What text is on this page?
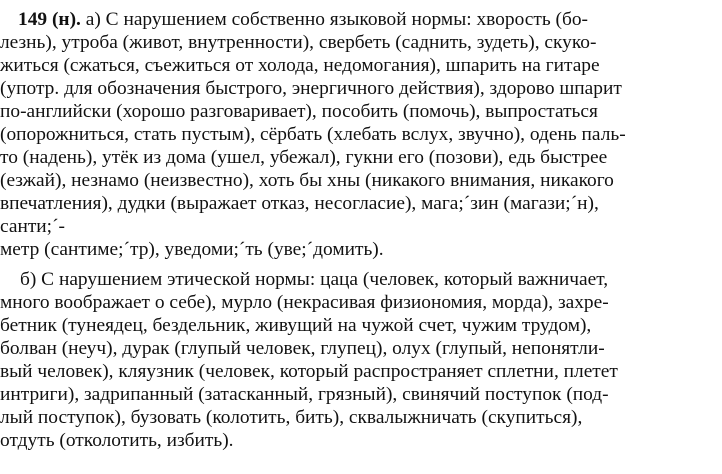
149 (н). а) С нарушением собственно языковой нормы: хворость (бо-
лезнь), утроба (живот, внутренности), свербеть (саднить, зудеть), скуко-
житься (сжаться, съежиться от холода, недомогания), шпарить на гитаре
(употр. для обозначения быстрого, энергичного действия), здорово шпарит
по-английски (хорошо разговаривает), пособить (помочь), выпростаться
(опорожниться, стать пустым), сёрбать (хлебать вслух, звучно), одень паль-
то (надень), утёк из дома (ушел, убежал), гукни его (позови), едь быстрее
(езжай), незнамо (неизвестно), хоть бы хны (никакого внимания, никакого
впечатления), дудки (выражает отказ, несогласие), мага;´зин (магази;´н),
санти;´-
метр (сантиме;´тр), уведоми;´ть (уве;´домить).
б) С нарушением этической нормы: цаца (человек, который важничает,
много воображает о себе), мурло (некрасивая физиономия, морда), захре-
бетник (тунеядец, бездельник, живущий на чужой счет, чужим трудом),
болван (неуч), дурак (глупый человек, глупец), олух (глупый, непонятли-
вый человек), кляузник (человек, который распространяет сплетни, плетет
интриги), задрипанный (затасканный, грязный), свинячий поступок (под-
лый поступок), бузовать (колотить, бить), сквалыжничать (скупиться),
отдуть (отколотить, избить).
